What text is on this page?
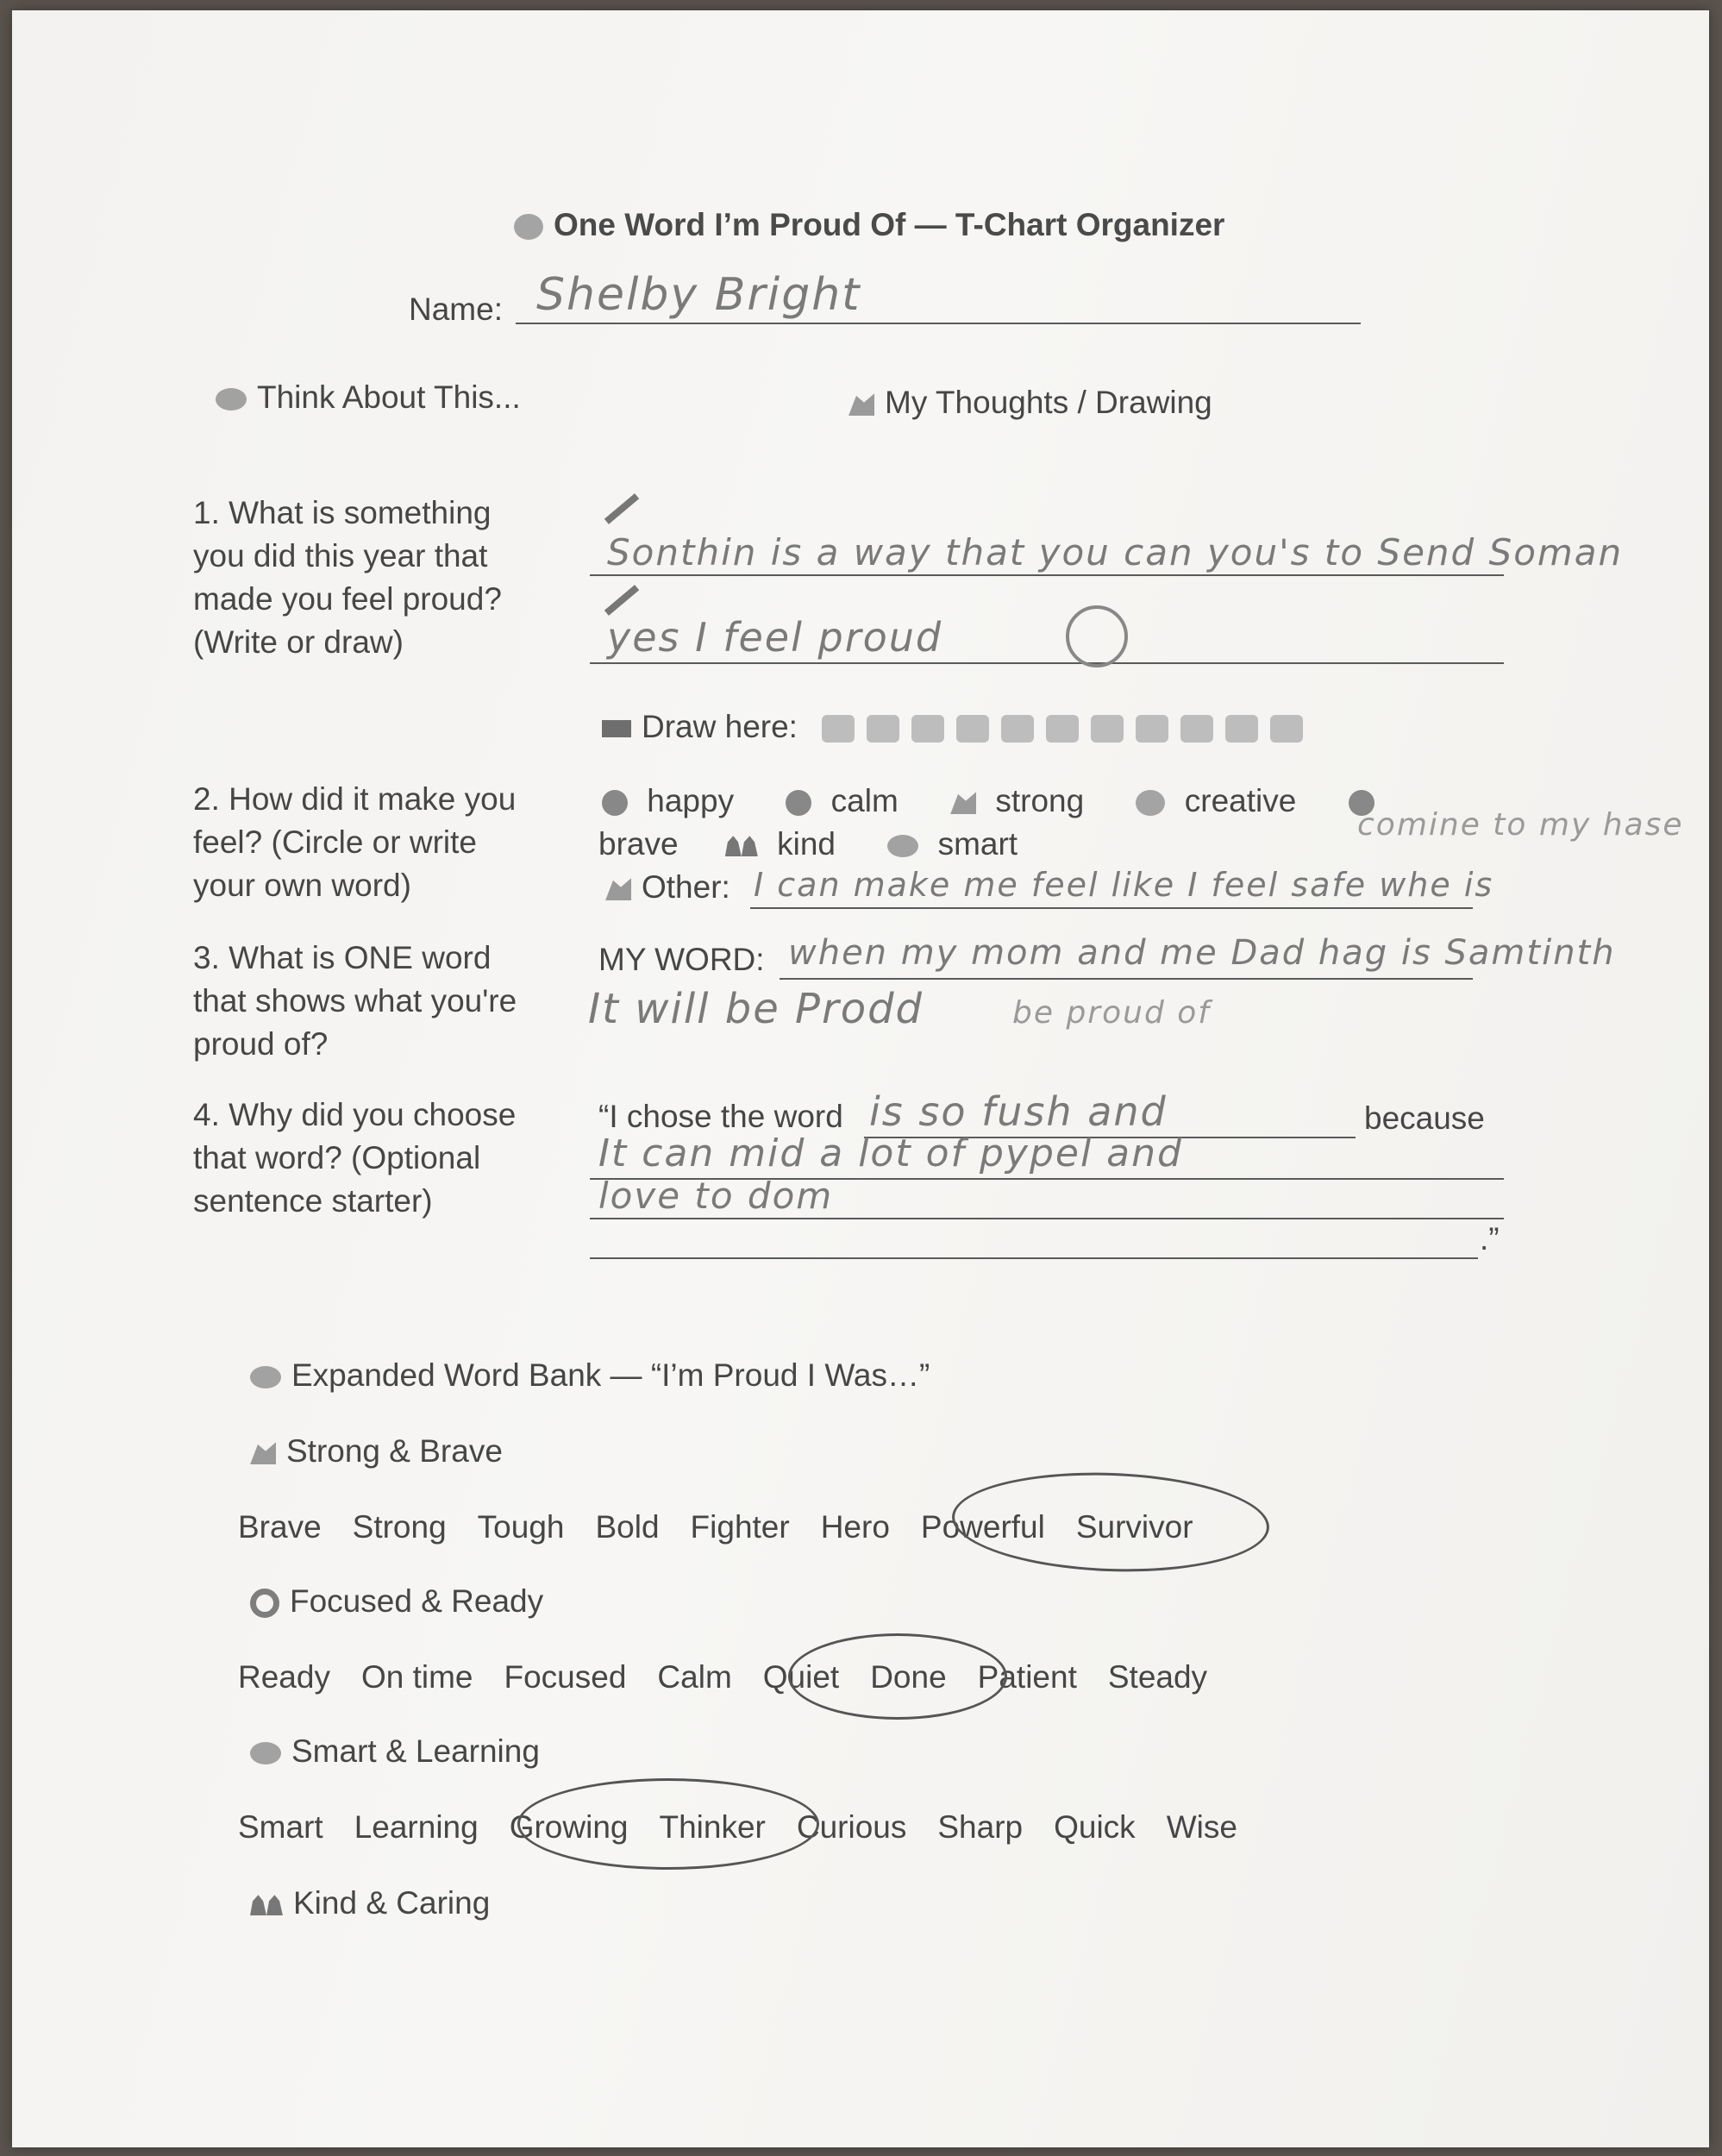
One Word I’m Proud Of — T-Chart Organizer
Name: Shelby Bright
Think About This...	My Thoughts / Drawing
1. What is something
you did this year that
made you feel proud?
(Write or draw)
Sonthin is a way that you can you's to Send Soman
yes I feel proud
Draw here:
2. How did it make you
feel? (Circle or write
your own word)
happy	calm	strong	creative
brave	kind	smart
comine to my hase
Other: I can make me feel like I feel safe whe is
3. What is ONE word
that shows what you're
proud of?
MY WORD: when my mom and me Dad hag is Samtinth
It will be Prodd	be proud of
4. Why did you choose
that word? (Optional
sentence starter)
“I chose the word is so fush and	because
It can mid a lot of pypel and
love to dom
.”
Expanded Word Bank — “I’m Proud I Was…”
Strong & Brave
Brave Strong Tough Bold Fighter Hero Powerful Survivor
Focused & Ready
Ready On time Focused Calm Quiet Done Patient Steady
Smart & Learning
Smart Learning Growing Thinker Curious Sharp Quick Wise
Kind & Caring
